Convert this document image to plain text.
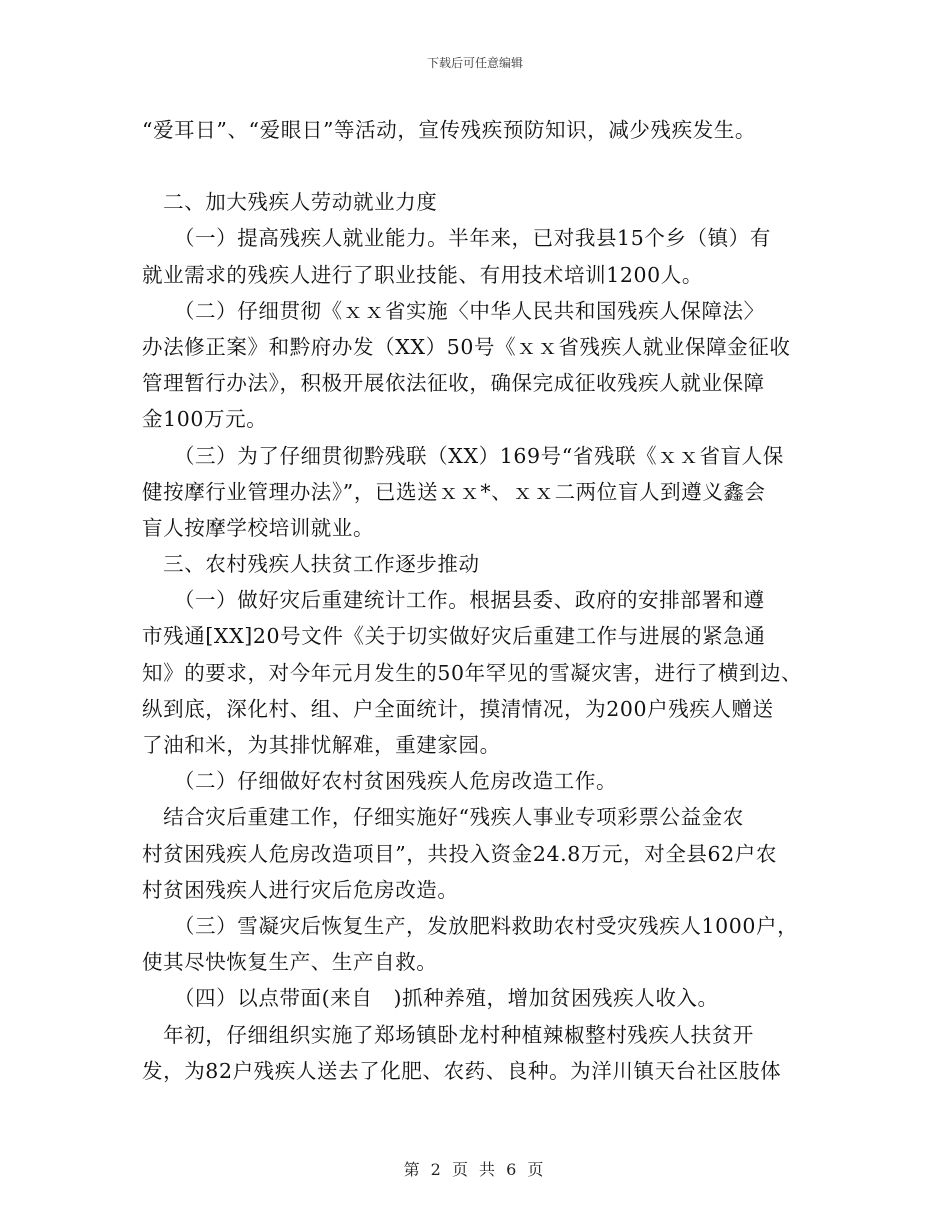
下载后可任意编辑
“爱耳日”、“爱眼日”等活动，宣传残疾预防知识，减少残疾发生。
　二、加大残疾人劳动就业力度
　　（一）提高残疾人就业能力。半年来，已对我县15个乡（镇）有
就业需求的残疾人进行了职业技能、有用技术培训1200人。
　　（二）仔细贯彻《ｘｘ省实施〈中华人民共和国残疾人保障法〉
办法修正案》和黔府办发（XX）50号《ｘｘ省残疾人就业保障金征收
管理暂行办法》，积极开展依法征收，确保完成征收残疾人就业保障
金100万元。
　　（三）为了仔细贯彻黔残联（XX）169号“省残联《ｘｘ省盲人保
健按摩行业管理办法》”，已选送ｘｘ*、ｘｘ二两位盲人到遵义鑫会
盲人按摩学校培训就业。
　三、农村残疾人扶贫工作逐步推动
　　（一）做好灾后重建统计工作。根据县委、政府的安排部署和遵
市残通[XX]20号文件《关于切实做好灾后重建工作与进展的紧急通
知》的要求，对今年元月发生的50年罕见的雪凝灾害，进行了横到边、
纵到底，深化村、组、户全面统计，摸清情况，为200户残疾人赠送
了油和米，为其排忧解难，重建家园。
　　（二）仔细做好农村贫困残疾人危房改造工作。
　结合灾后重建工作，仔细实施好“残疾人事业专项彩票公益金农
村贫困残疾人危房改造项目”，共投入资金24.8万元，对全县62户农
村贫困残疾人进行灾后危房改造。
　　（三）雪凝灾后恢复生产，发放肥料救助农村受灾残疾人1000户，
使其尽快恢复生产、生产自救。
　　（四）以点带面(来自　)抓种养殖，增加贫困残疾人收入。
　年初，仔细组织实施了郑场镇卧龙村种植辣椒整村残疾人扶贫开
发，为82户残疾人送去了化肥、农药、良种。为洋川镇天台社区肢体
第 2 页 共 6 页
